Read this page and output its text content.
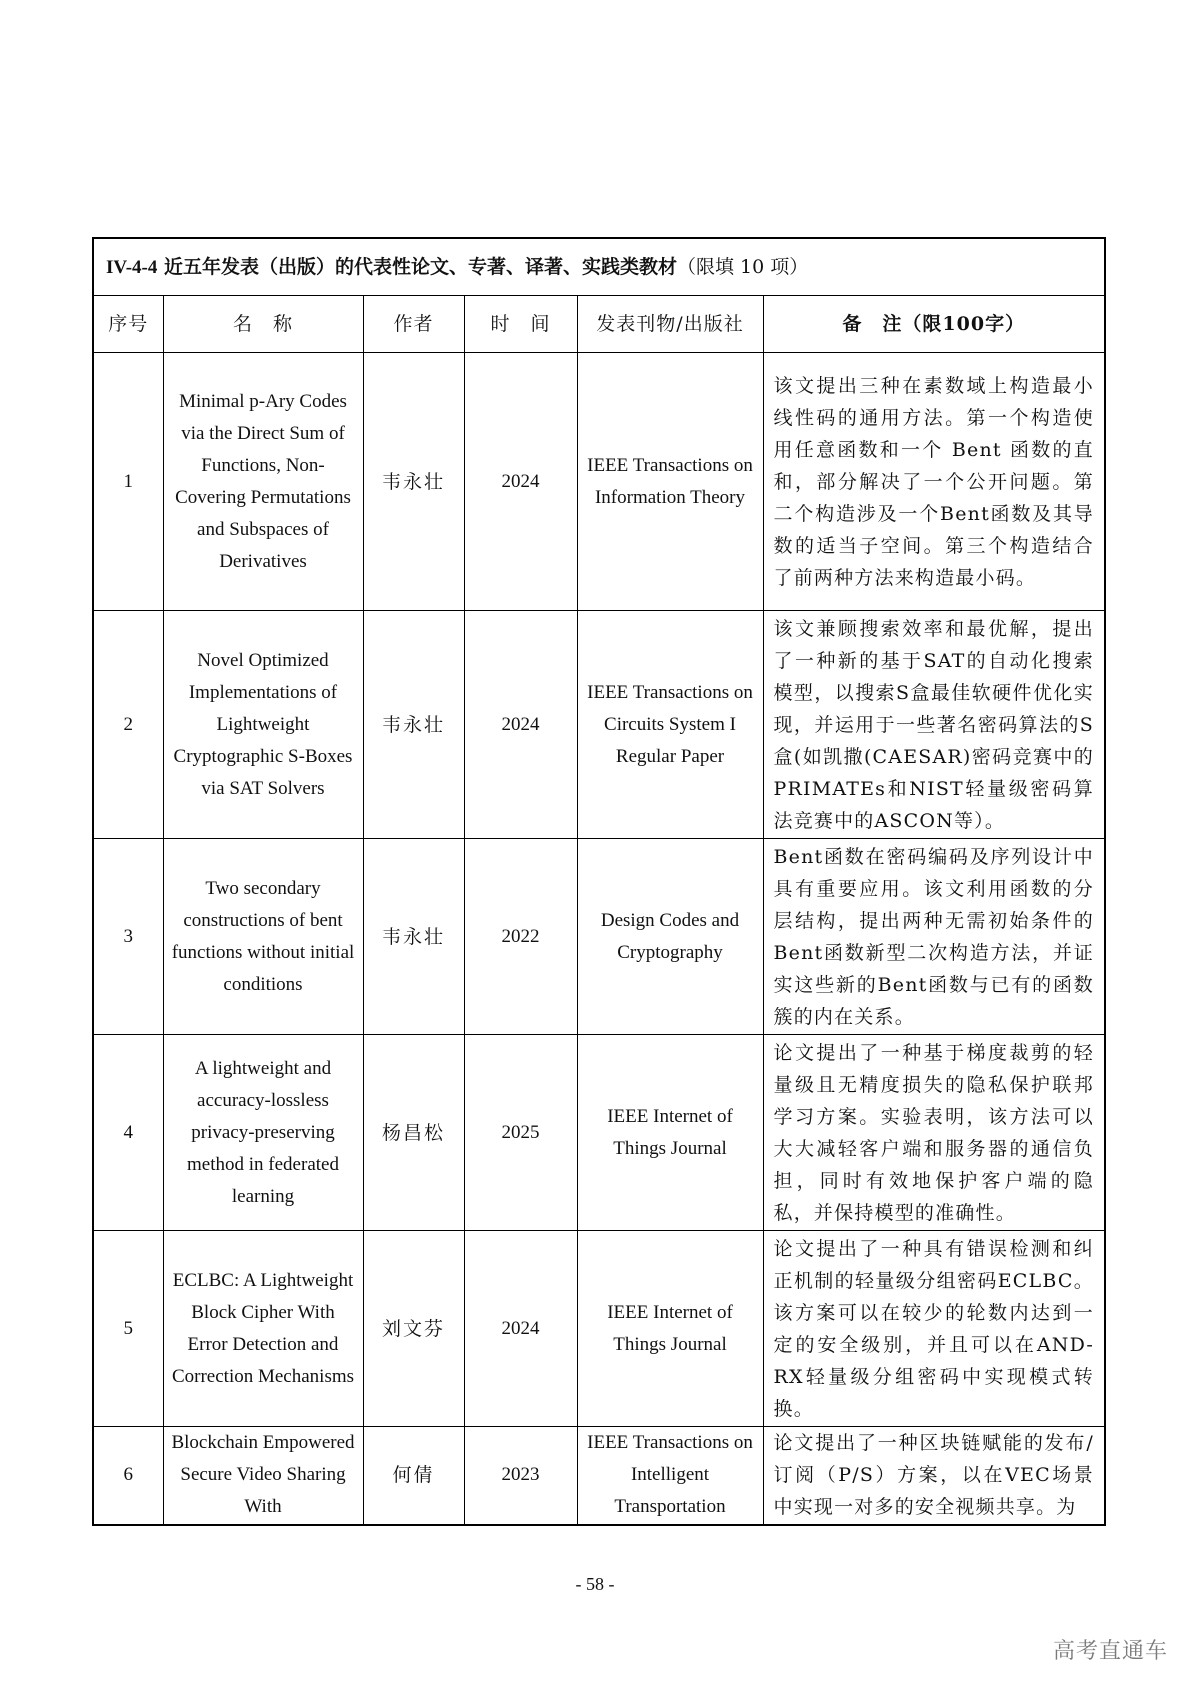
IV-4-4 近五年发表（出版）的代表性论文、专著、译著、实践类教材（限填 10 项）					
序号	名　称	作者	时　间	发表刊物/出版社	备　注（限100字）
1	Minimal p-Ary Codes via the Direct Sum of Functions, Non-Covering Permutations and Subspaces of Derivatives	韦永壮	2024	IEEE Transactions on Information Theory	该文提出三种在素数域上构造最小线性码的通用方法。第一个构造使用任意函数和一个 Bent 函数的直和，部分解决了一个公开问题。第二个构造涉及一个Bent函数及其导数的适当子空间。第三个构造结合了前两种方法来构造最小码。
2	Novel Optimized Implementations of Lightweight Cryptographic S-Boxes via SAT Solvers	韦永壮	2024	IEEE Transactions on Circuits System I Regular Paper	该文兼顾搜索效率和最优解，提出了一种新的基于SAT的自动化搜索模型，以搜索S盒最佳软硬件优化实现，并运用于一些著名密码算法的S盒(如凯撒(CAESAR)密码竞赛中的PRIMATEs和NIST轻量级密码算法竞赛中的ASCON等）。
3	Two secondary constructions of bent functions without initial conditions	韦永壮	2022	Design Codes and Cryptography	Bent函数在密码编码及序列设计中具有重要应用。该文利用函数的分层结构，提出两种无需初始条件的Bent函数新型二次构造方法，并证实这些新的Bent函数与已有的函数簇的内在关系。
4	A lightweight and accuracy-lossless privacy-preserving method in federated learning	杨昌松	2025	IEEE Internet of Things Journal	论文提出了一种基于梯度裁剪的轻量级且无精度损失的隐私保护联邦学习方案。实验表明，该方法可以大大减轻客户端和服务器的通信负担，同时有效地保护客户端的隐私，并保持模型的准确性。
5	ECLBC: A Lightweight Block Cipher With Error Detection and Correction Mechanisms	刘文芬	2024	IEEE Internet of Things Journal	论文提出了一种具有错误检测和纠正机制的轻量级分组密码ECLBC。该方案可以在较少的轮数内达到一定的安全级别，并且可以在AND-RX轻量级分组密码中实现模式转换。
6	Blockchain Empowered Secure Video Sharing With	何倩	2023	IEEE Transactions on Intelligent Transportation	论文提出了一种区块链赋能的发布/订阅（P/S）方案，以在VEC场景中实现一对多的安全视频共享。为
- 58 -
高考直通车
